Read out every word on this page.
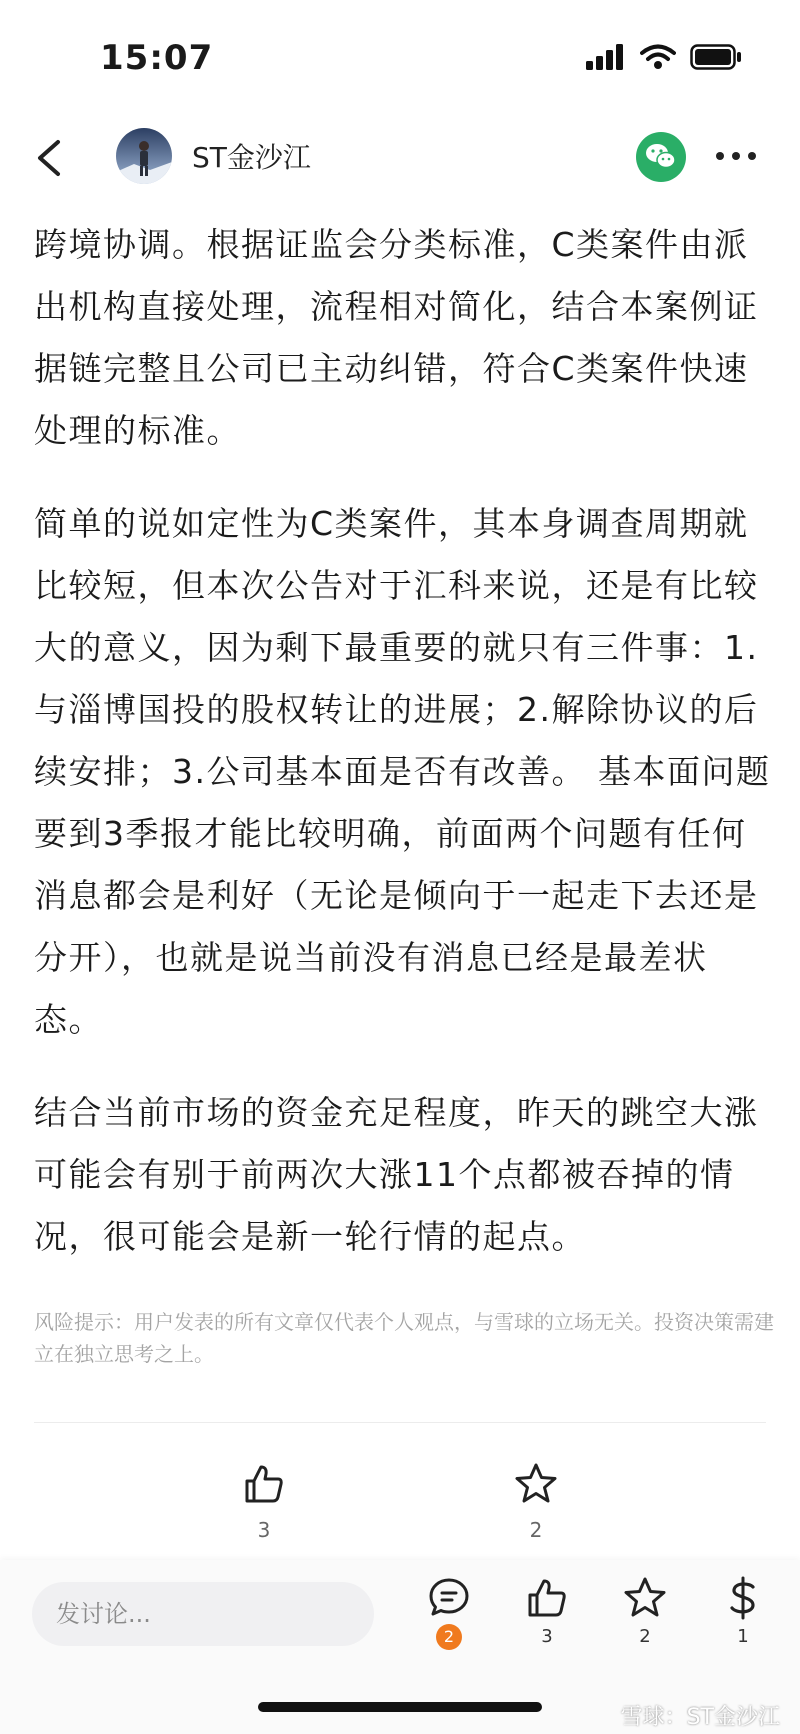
15:07
ST金沙江

跨境协调。根据证监会分类标准，C类案件由派出机构直接处理，流程相对简化，结合本案例证据链完整且公司已主动纠错，符合C类案件快速处理的标准。

简单的说如定性为C类案件，其本身调查周期就比较短，但本次公告对于汇科来说，还是有比较大的意义，因为剩下最重要的就只有三件事：1.与淄博国投的股权转让的进展；2.解除协议的后续安排；3.公司基本面是否有改善。 基本面问题要到3季报才能比较明确，前面两个问题有任何消息都会是利好（无论是倾向于一起走下去还是分开），也就是说当前没有消息已经是最差状态。

结合当前市场的资金充足程度，昨天的跳空大涨可能会有别于前两次大涨11个点都被吞掉的情况，很可能会是新一轮行情的起点。

风险提示：用户发表的所有文章仅代表个人观点，与雪球的立场无关。投资决策需建立在独立思考之上。
3	2
发讨论...
2	3	2	1
雪球：ST金沙江
